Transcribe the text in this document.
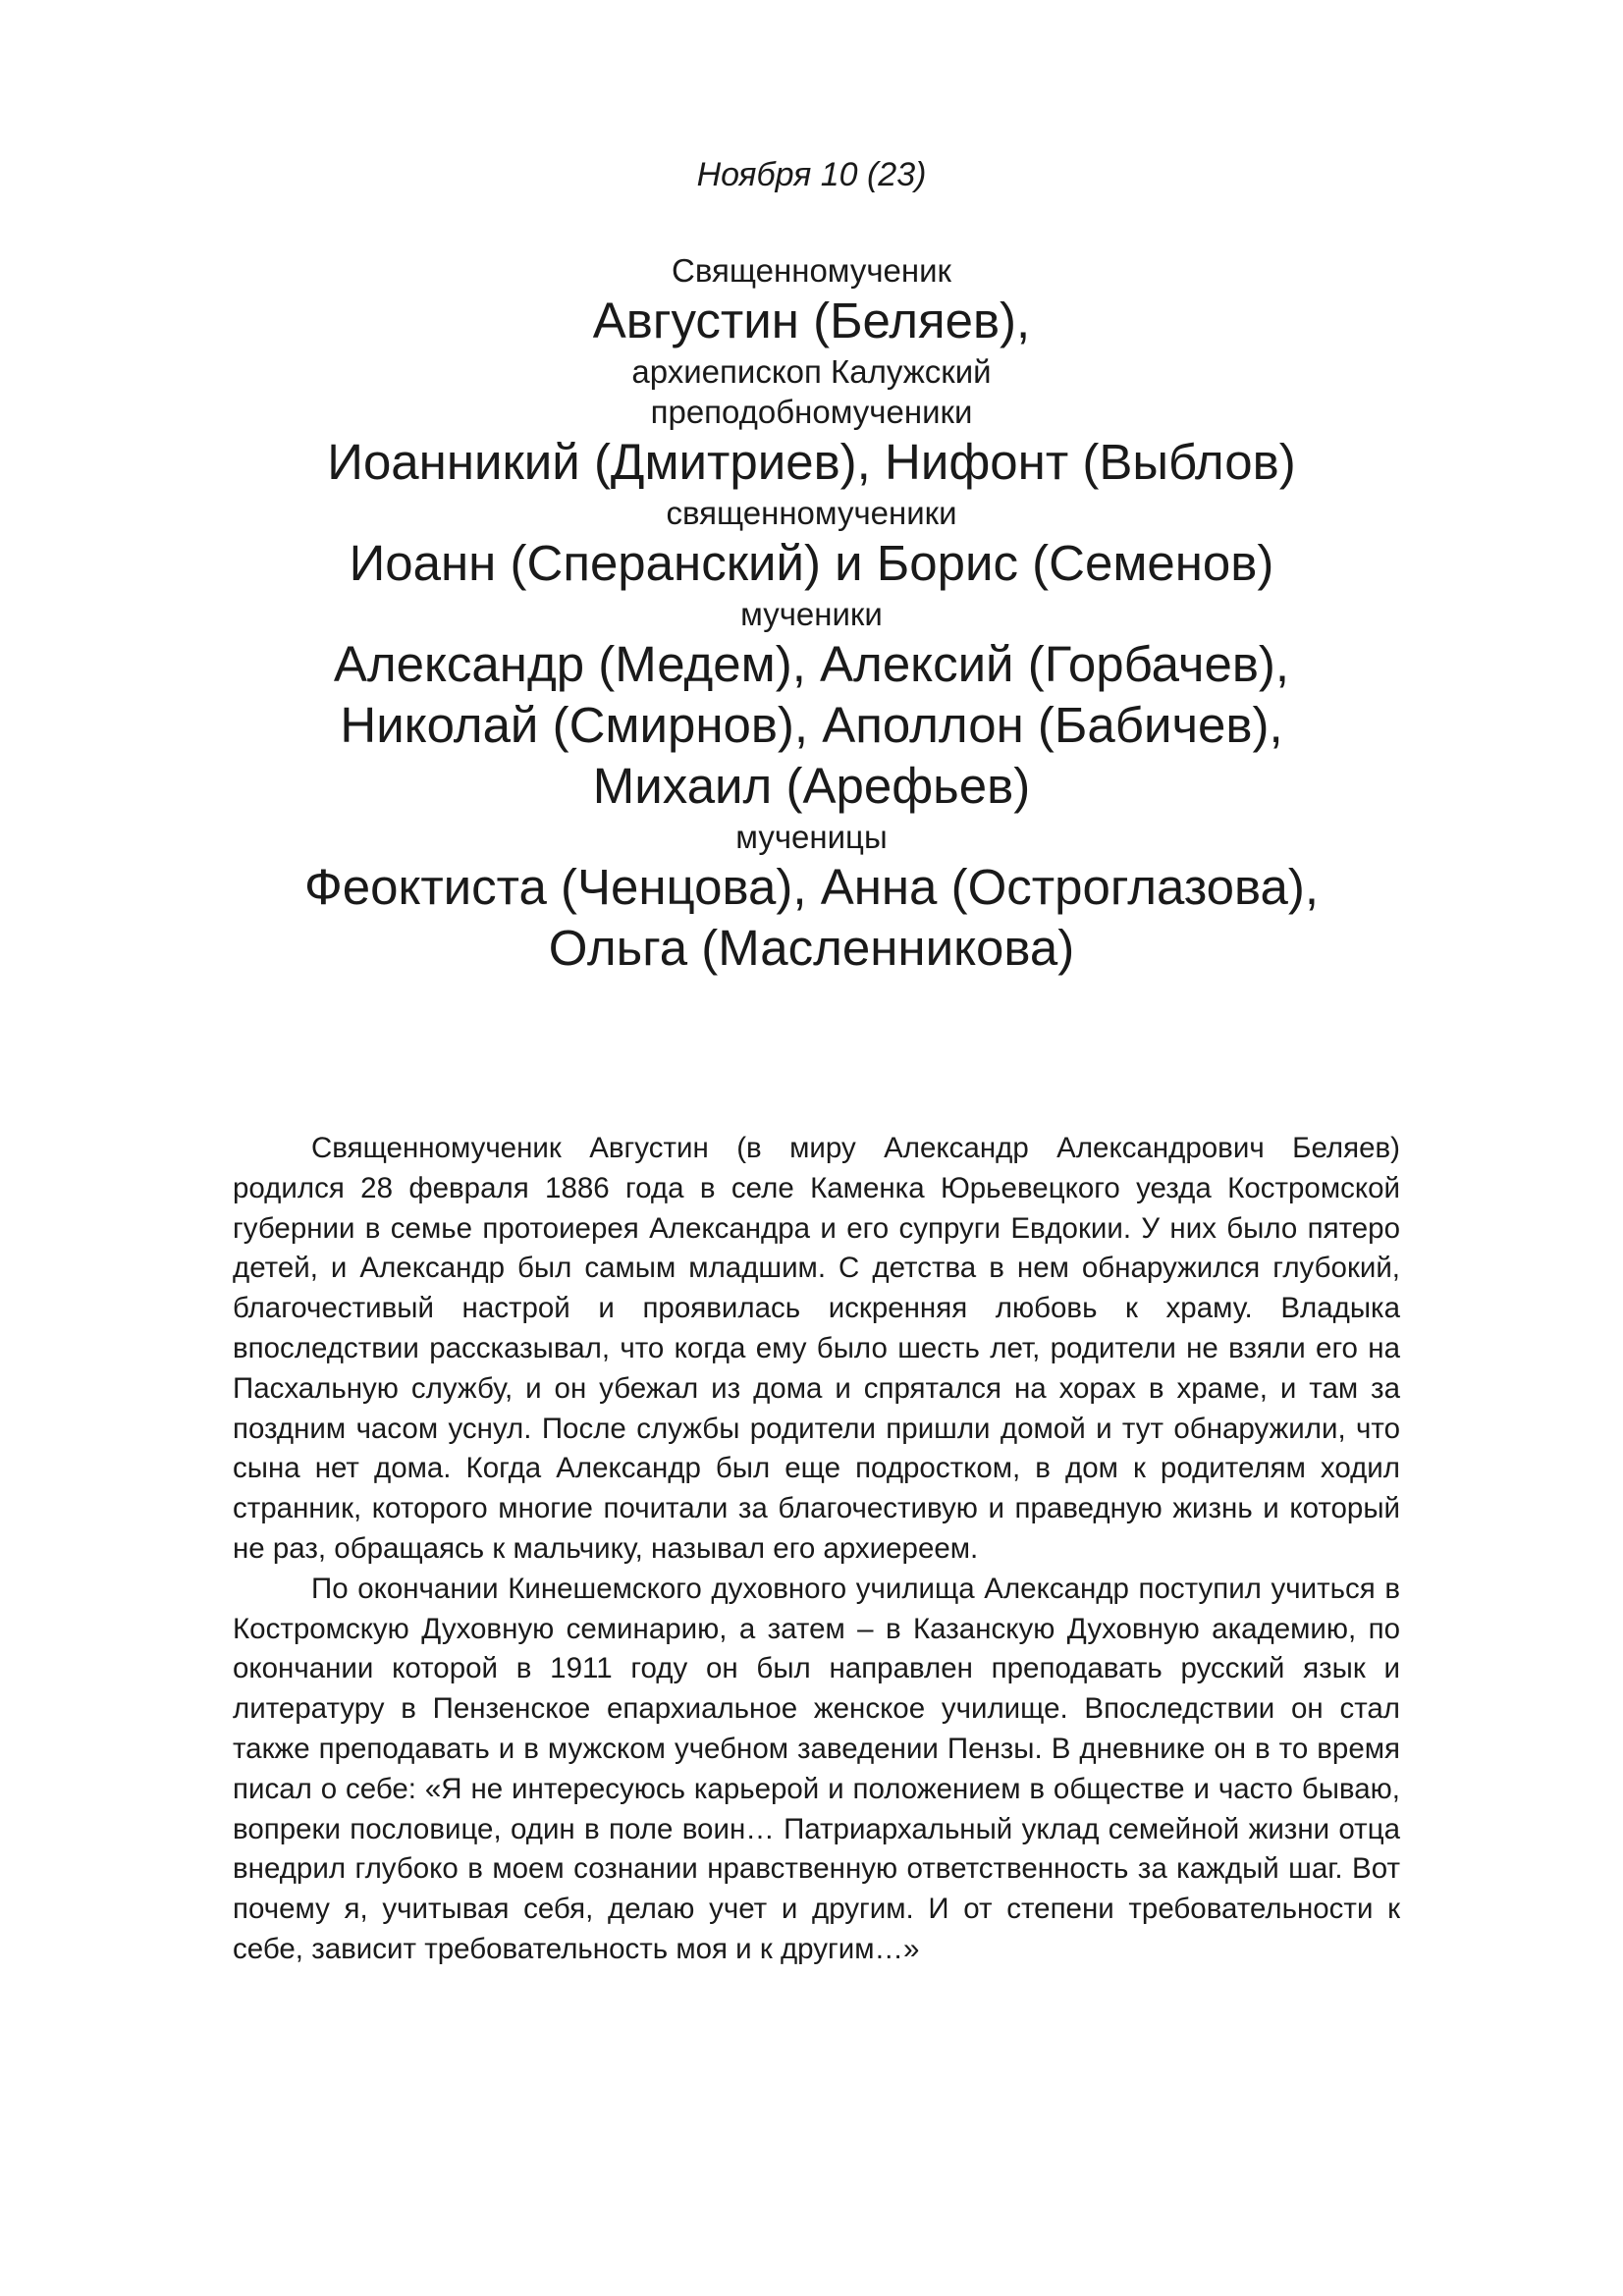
Ноября 10 (23)
Священномученик
Августин (Беляев),
архиепископ Калужский
преподобномученики
Иоанникий (Дмитриев), Нифонт (Выблов)
священномученики
Иоанн (Сперанский) и Борис (Семенов)
мученики
Александр (Медем), Алексий (Горбачев),
Николай (Смирнов), Аполлон (Бабичев),
Михаил (Арефьев)
мученицы
Феоктиста (Ченцова), Анна (Остроглазова),
Ольга (Масленникова)

Священномученик Августин (в миру Александр Александрович Беляев) родился 28 февраля 1886 года в селе Каменка Юрьевецкого уезда Костромской губернии в семье протоиерея Александра и его супруги Евдокии. У них было пятеро детей, и Александр был самым младшим. С детства в нем обнаружился глубокий, благочестивый настрой и проявилась искренняя любовь к храму. Владыка впоследствии рассказывал, что когда ему было шесть лет, родители не взяли его на Пасхальную службу, и он убежал из дома и спрятался на хорах в храме, и там за поздним часом уснул. После службы родители пришли домой и тут обнаружили, что сына нет дома. Когда Александр был еще подростком, в дом к родителям ходил странник, которого многие почитали за благочестивую и праведную жизнь и который не раз, обращаясь к мальчику, называл его архиереем.

По окончании Кинешемского духовного училища Александр поступил учиться в Костромскую Духовную семинарию, а затем – в Казанскую Духовную академию, по окончании которой в 1911 году он был направлен преподавать русский язык и литературу в Пензенское епархиальное женское училище. Впоследствии он стал также преподавать и в мужском учебном заведении Пензы. В дневнике он в то время писал о себе: «Я не интересуюсь карьерой и положением в обществе и часто бываю, вопреки пословице, один в поле воин… Патриархальный уклад семейной жизни отца внедрил глубоко в моем сознании нравственную ответственность за каждый шаг. Вот почему я, учитывая себя, делаю учет и другим. И от степени требовательности к себе, зависит требовательность моя и к другим…»
